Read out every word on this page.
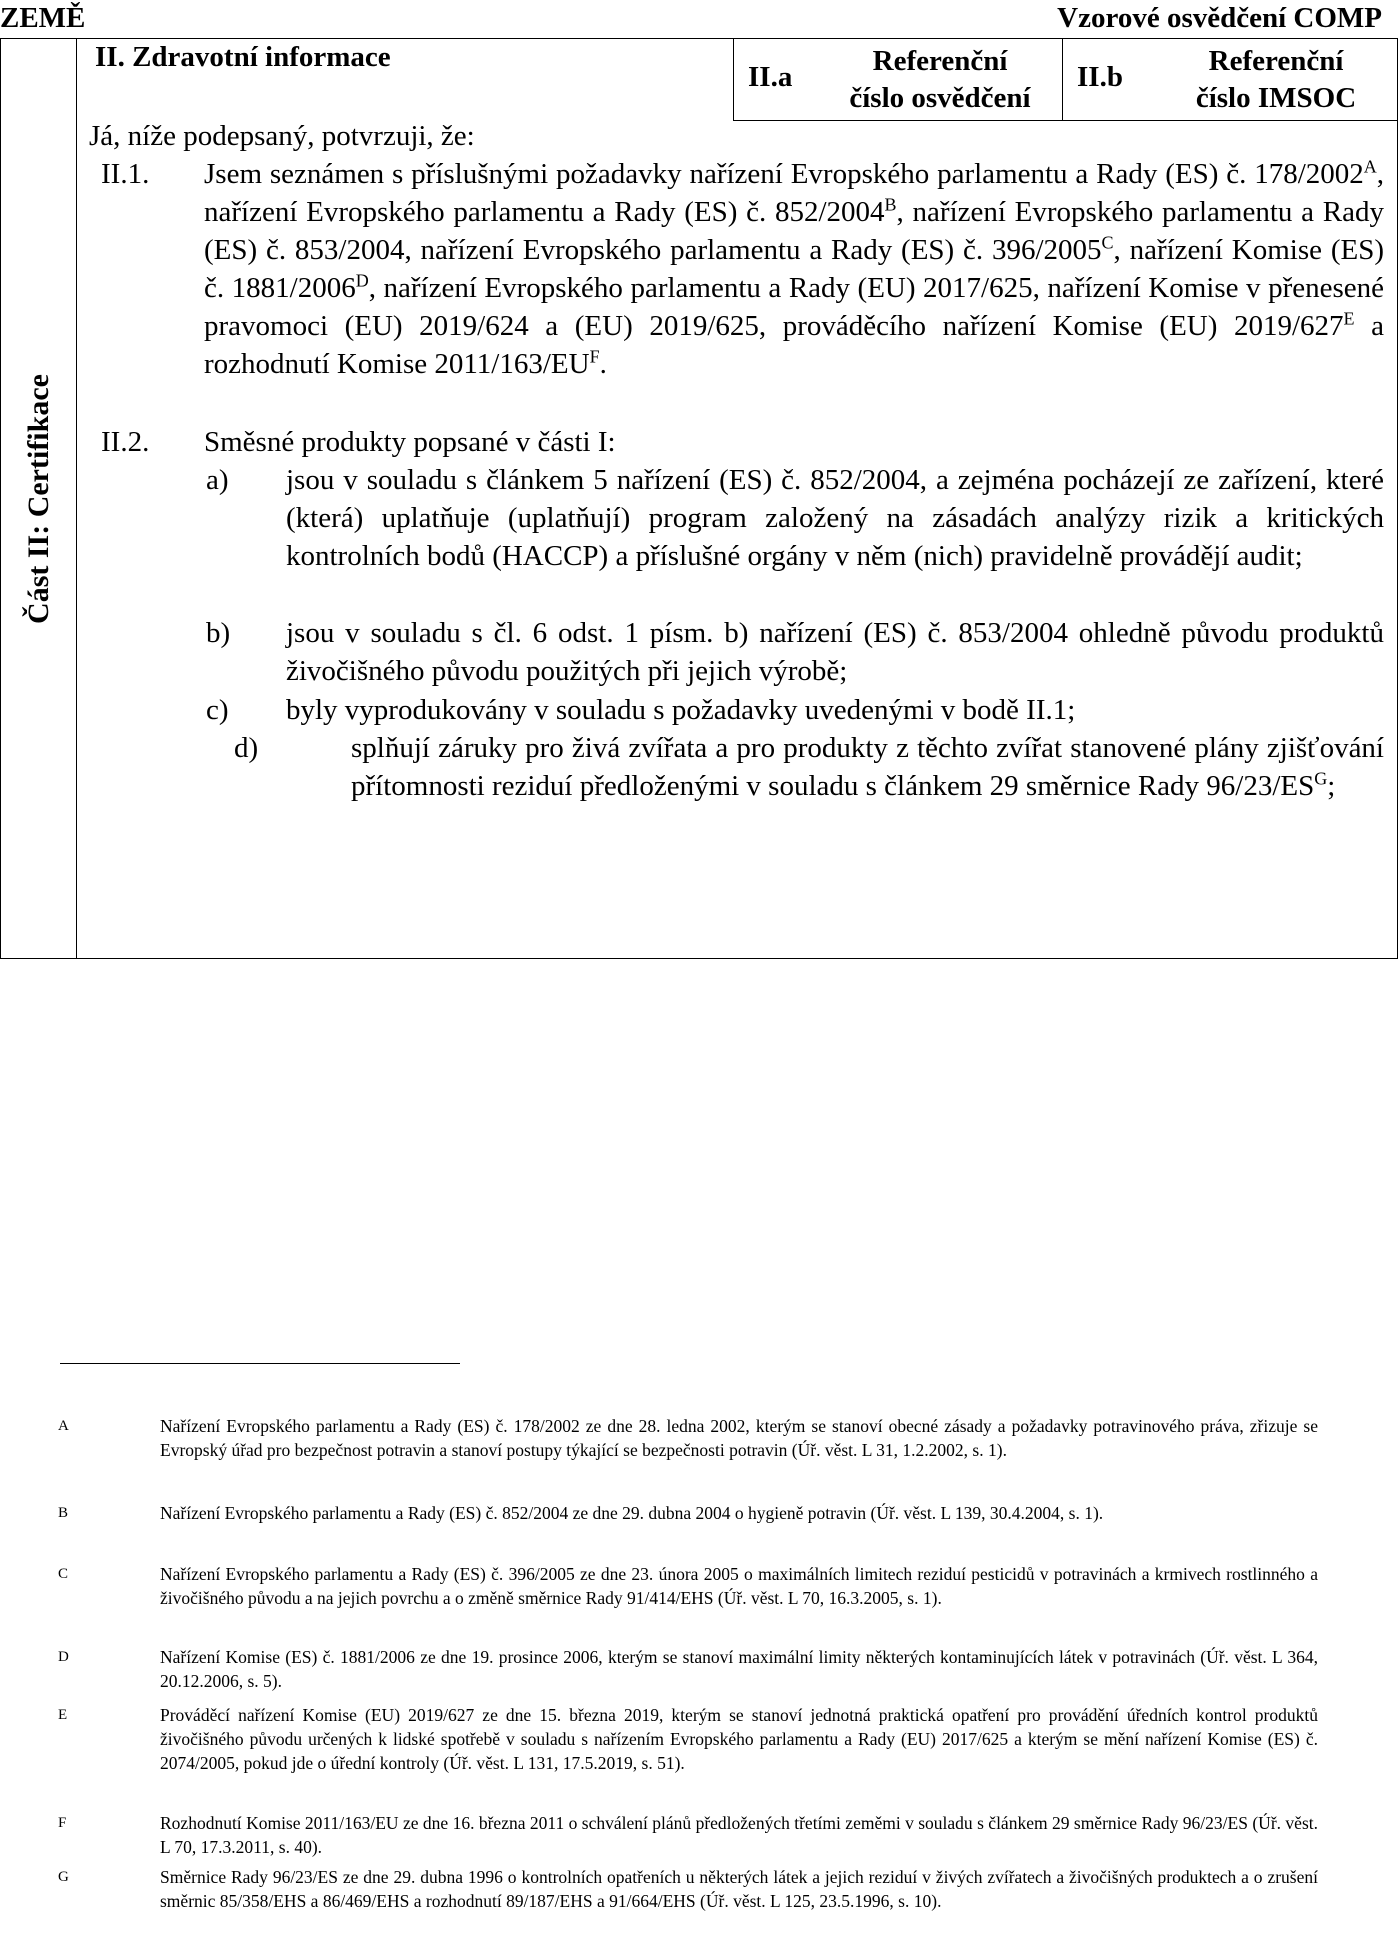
ZEMĚ	Vzorové osvědčení COMP
Část II: Certifikace
II. Zdravotní informace
II.a	Referenční
číslo osvědčení
II.b	Referenční
číslo IMSOC
Já, níže podepsaný, potvrzuji, že:
II.1. Jsem seznámen s příslušnými požadavky nařízení Evropského parlamentu a Rady (ES) č. $178/2002^A$, nařízení Evropského parlamentu a Rady (ES) č. $852/2004^B$, nařízení Evropského parlamentu a Rady (ES) č. 853/2004, nařízení Evropského parlamentu a Rady (ES) č. $396/2005^C$, nařízení Komise (ES) č. $1881/2006^D$, nařízení Evropského parlamentu a Rady (EU) 2017/625, nařízení Komise v přenesené pravomoci (EU) 2019/624 a (EU) 2019/625, prováděcího nařízení Komise (EU) $2019/627^E$ a rozhodnutí Komise $2011/163/EU^F$.
II.2. Směsné produkty popsané v části I:
a) jsou v souladu s článkem 5 nařízení (ES) č. 852/2004, a zejména pocházejí ze zařízení, které (která) uplatňuje (uplatňují) program založený na zásadách analýzy rizik a kritických kontrolních bodů (HACCP) a příslušné orgány v něm (nich) pravidelně provádějí audit;
b) jsou v souladu s čl. 6 odst. 1 písm. b) nařízení (ES) č. 853/2004 ohledně původu produktů živočišného původu použitých při jejich výrobě;
c) byly vyprodukovány v souladu s požadavky uvedenými v bodě II.1;
d)	splňují záruky pro živá zvířata a pro produkty z těchto zvířat stanovené plány zjišťování přítomnosti reziduí předloženými v souladu s článkem 29 směrnice Rady $96/23/ES^G$;
A	Nařízení Evropského parlamentu a Rady (ES) č. 178/2002 ze dne 28. ledna 2002, kterým se stanoví obecné zásady a požadavky potravinového práva, zřizuje se Evropský úřad pro bezpečnost potravin a stanoví postupy týkající se bezpečnosti potravin (Úř. věst. L 31, 1.2.2002, s. 1).
B	Nařízení Evropského parlamentu a Rady (ES) č. 852/2004 ze dne 29. dubna 2004 o hygieně potravin (Úř. věst. L 139, 30.4.2004, s. 1).
C	Nařízení Evropského parlamentu a Rady (ES) č. 396/2005 ze dne 23. února 2005 o maximálních limitech reziduí pesticidů v potravinách a krmivech rostlinného a živočišného původu a na jejich povrchu a o změně směrnice Rady 91/414/EHS (Úř. věst. L 70, 16.3.2005, s. 1).
D	Nařízení Komise (ES) č. 1881/2006 ze dne 19. prosince 2006, kterým se stanoví maximální limity některých kontaminujících látek v potravinách (Úř. věst. L 364, 20.12.2006, s. 5).
E	Prováděcí nařízení Komise (EU) 2019/627 ze dne 15. března 2019, kterým se stanoví jednotná praktická opatření pro provádění úředních kontrol produktů živočišného původu určených k lidské spotřebě v souladu s nařízením Evropského parlamentu a Rady (EU) 2017/625 a kterým se mění nařízení Komise (ES) č. 2074/2005, pokud jde o úřední kontroly (Úř. věst. L 131, 17.5.2019, s. 51).
F	Rozhodnutí Komise 2011/163/EU ze dne 16. března 2011 o schválení plánů předložených třetími zeměmi v souladu s článkem 29 směrnice Rady 96/23/ES (Úř. věst. L 70, 17.3.2011, s. 40).
G	Směrnice Rady 96/23/ES ze dne 29. dubna 1996 o kontrolních opatřeních u některých látek a jejich reziduí v živých zvířatech a živočišných produktech a o zrušení směrnic 85/358/EHS a 86/469/EHS a rozhodnutí 89/187/EHS a 91/664/EHS (Úř. věst. L 125, 23.5.1996, s. 10).
